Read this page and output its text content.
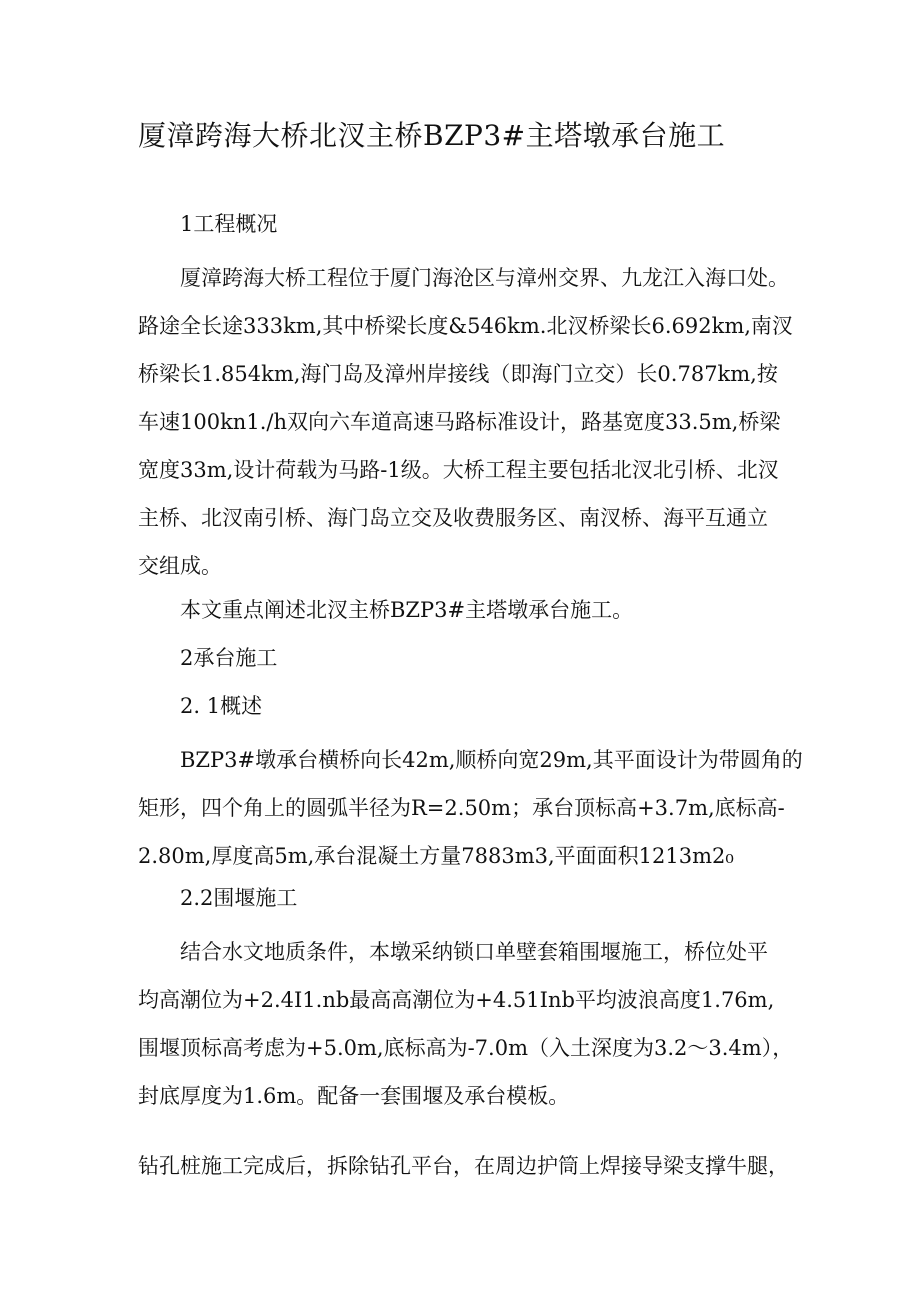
厦漳跨海大桥北汊主桥BZP3#主塔墩承台施工

1工程概况

厦漳跨海大桥工程位于厦门海沧区与漳州交界、九龙江入海口处。
路途全长途333km,其中桥梁长度&546km.北汊桥梁长6.692km,南汊
桥梁长1.854km,海门岛及漳州岸接线（即海门立交）长0.787km,按
车速100kn1./h双向六车道高速马路标准设计，路基宽度33.5m,桥梁
宽度33m,设计荷载为马路-1级。大桥工程主要包括北汊北引桥、北汊
主桥、北汊南引桥、海门岛立交及收费服务区、南汊桥、海平互通立
交组成。

本文重点阐述北汊主桥BZP3#主塔墩承台施工。

2承台施工

2. 1概述

BZP3#墩承台横桥向长42m,顺桥向宽29m,其平面设计为带圆角的
矩形，四个角上的圆弧半径为R=2.50m；承台顶标高+3.7m,底标高-
2.80m,厚度高5m,承台混凝土方量7883m3,平面面积1213m2₀

2.2围堰施工

结合水文地质条件，本墩采纳锁口单壁套箱围堰施工，桥位处平
均高潮位为+2.4I1.nb最高高潮位为+4.51Inb平均波浪高度1.76m,
围堰顶标高考虑为+5.0m,底标高为-7.0m（入土深度为3.2～3.4m），
封底厚度为1.6m。配备一套围堰及承台模板。
钻孔桩施工完成后，拆除钻孔平台，在周边护筒上焊接导梁支撑牛腿，
